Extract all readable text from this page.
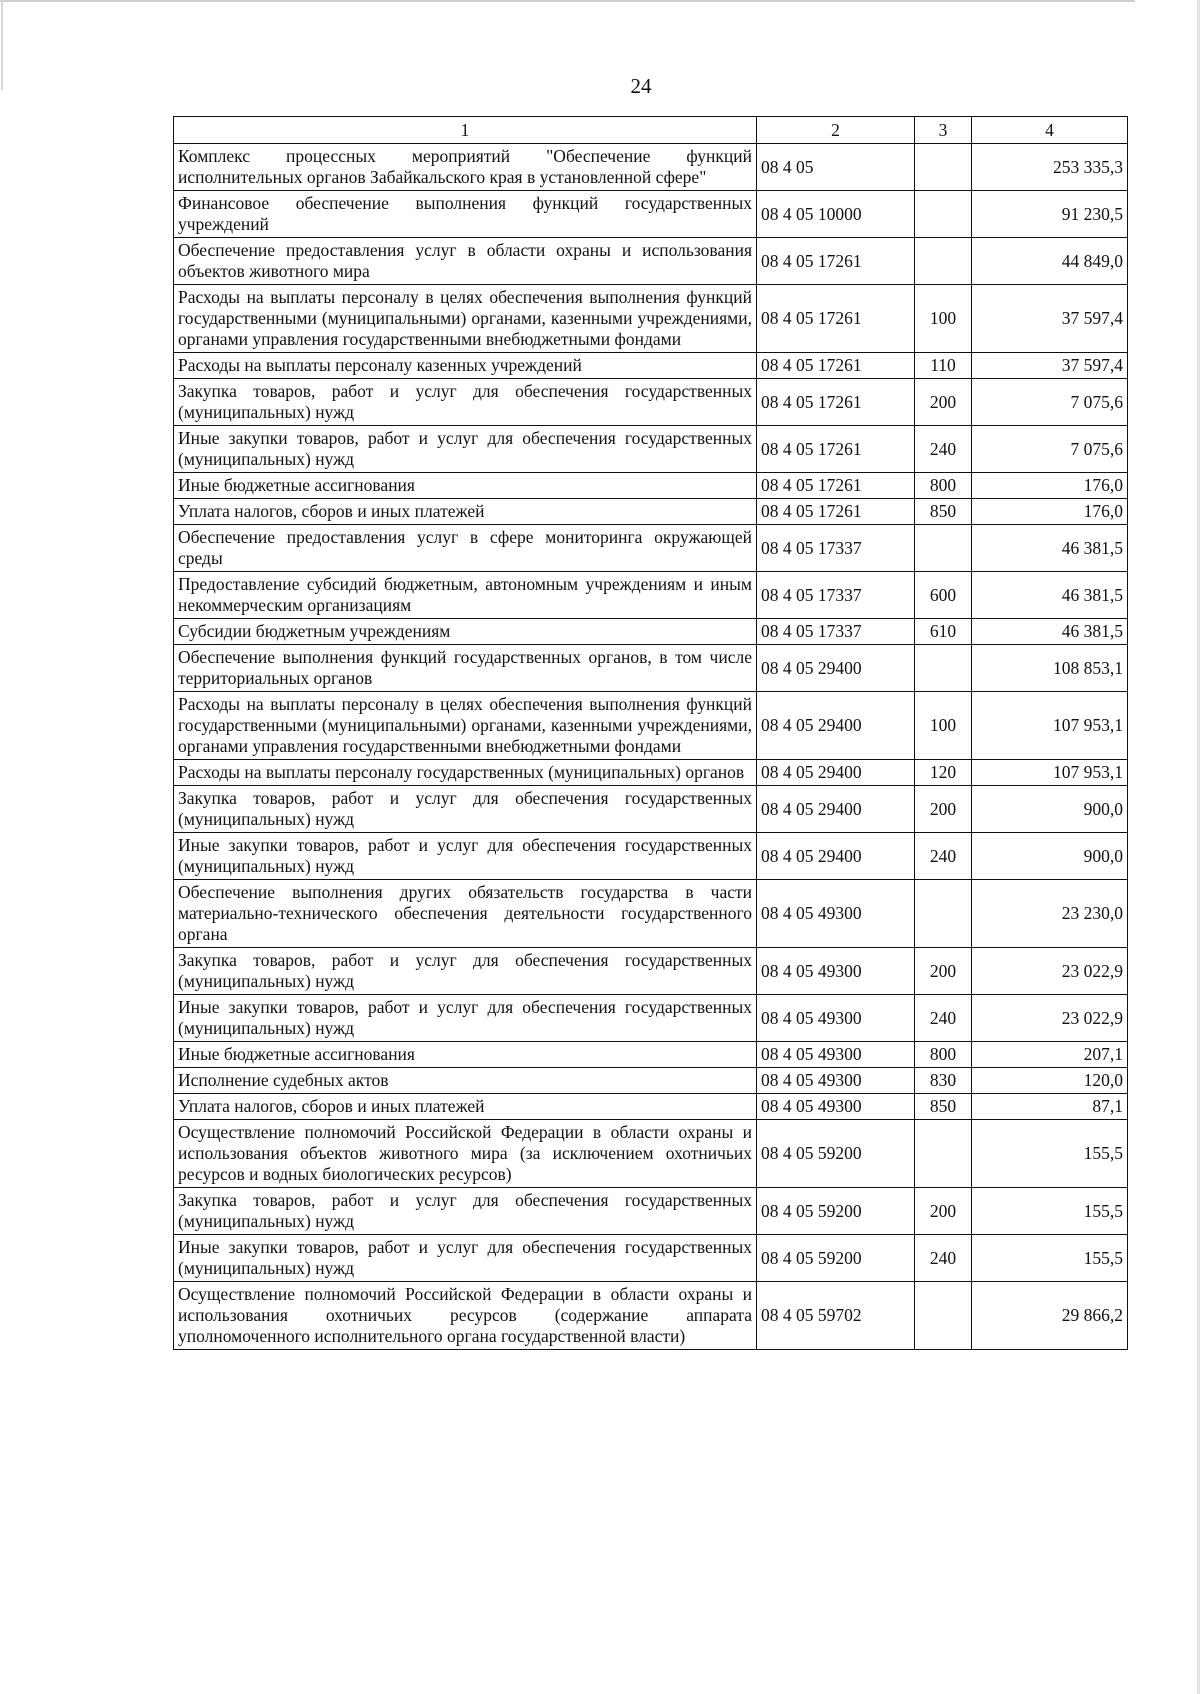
24
1	2	3	4
Комплекс процессных мероприятий "Обеспечение функций исполнительных органов Забайкальского края в установленной сфере"	08 4 05		253 335,3
Финансовое обеспечение выполнения функций государственных учреждений	08 4 05 10000		91 230,5
Обеспечение предоставления услуг в области охраны и использования объектов животного мира	08 4 05 17261		44 849,0
Расходы на выплаты персоналу в целях обеспечения выполнения функций государственными (муниципальными) органами, казенными учреждениями, органами управления государственными внебюджетными фондами	08 4 05 17261	100	37 597,4
Расходы на выплаты персоналу казенных учреждений	08 4 05 17261	110	37 597,4
Закупка товаров, работ и услуг для обеспечения государственных (муниципальных) нужд	08 4 05 17261	200	7 075,6
Иные закупки товаров, работ и услуг для обеспечения государственных (муниципальных) нужд	08 4 05 17261	240	7 075,6
Иные бюджетные ассигнования	08 4 05 17261	800	176,0
Уплата налогов, сборов и иных платежей	08 4 05 17261	850	176,0
Обеспечение предоставления услуг в сфере мониторинга окружающей среды	08 4 05 17337		46 381,5
Предоставление субсидий бюджетным, автономным учреждениям и иным некоммерческим организациям	08 4 05 17337	600	46 381,5
Субсидии бюджетным учреждениям	08 4 05 17337	610	46 381,5
Обеспечение выполнения функций государственных органов, в том числе территориальных органов	08 4 05 29400		108 853,1
Расходы на выплаты персоналу в целях обеспечения выполнения функций государственными (муниципальными) органами, казенными учреждениями, органами управления государственными внебюджетными фондами	08 4 05 29400	100	107 953,1
Расходы на выплаты персоналу государственных (муниципальных) органов	08 4 05 29400	120	107 953,1
Закупка товаров, работ и услуг для обеспечения государственных (муниципальных) нужд	08 4 05 29400	200	900,0
Иные закупки товаров, работ и услуг для обеспечения государственных (муниципальных) нужд	08 4 05 29400	240	900,0
Обеспечение выполнения других обязательств государства в части материально-технического обеспечения деятельности государственного органа	08 4 05 49300		23 230,0
Закупка товаров, работ и услуг для обеспечения государственных (муниципальных) нужд	08 4 05 49300	200	23 022,9
Иные закупки товаров, работ и услуг для обеспечения государственных (муниципальных) нужд	08 4 05 49300	240	23 022,9
Иные бюджетные ассигнования	08 4 05 49300	800	207,1
Исполнение судебных актов	08 4 05 49300	830	120,0
Уплата налогов, сборов и иных платежей	08 4 05 49300	850	87,1
Осуществление полномочий Российской Федерации в области охраны и использования объектов животного мира (за исключением охотничьих ресурсов и водных биологических ресурсов)	08 4 05 59200		155,5
Закупка товаров, работ и услуг для обеспечения государственных (муниципальных) нужд	08 4 05 59200	200	155,5
Иные закупки товаров, работ и услуг для обеспечения государственных (муниципальных) нужд	08 4 05 59200	240	155,5
Осуществление полномочий Российской Федерации в области охраны и использования охотничьих ресурсов (содержание аппарата уполномоченного исполнительного органа государственной власти)	08 4 05 59702		29 866,2
